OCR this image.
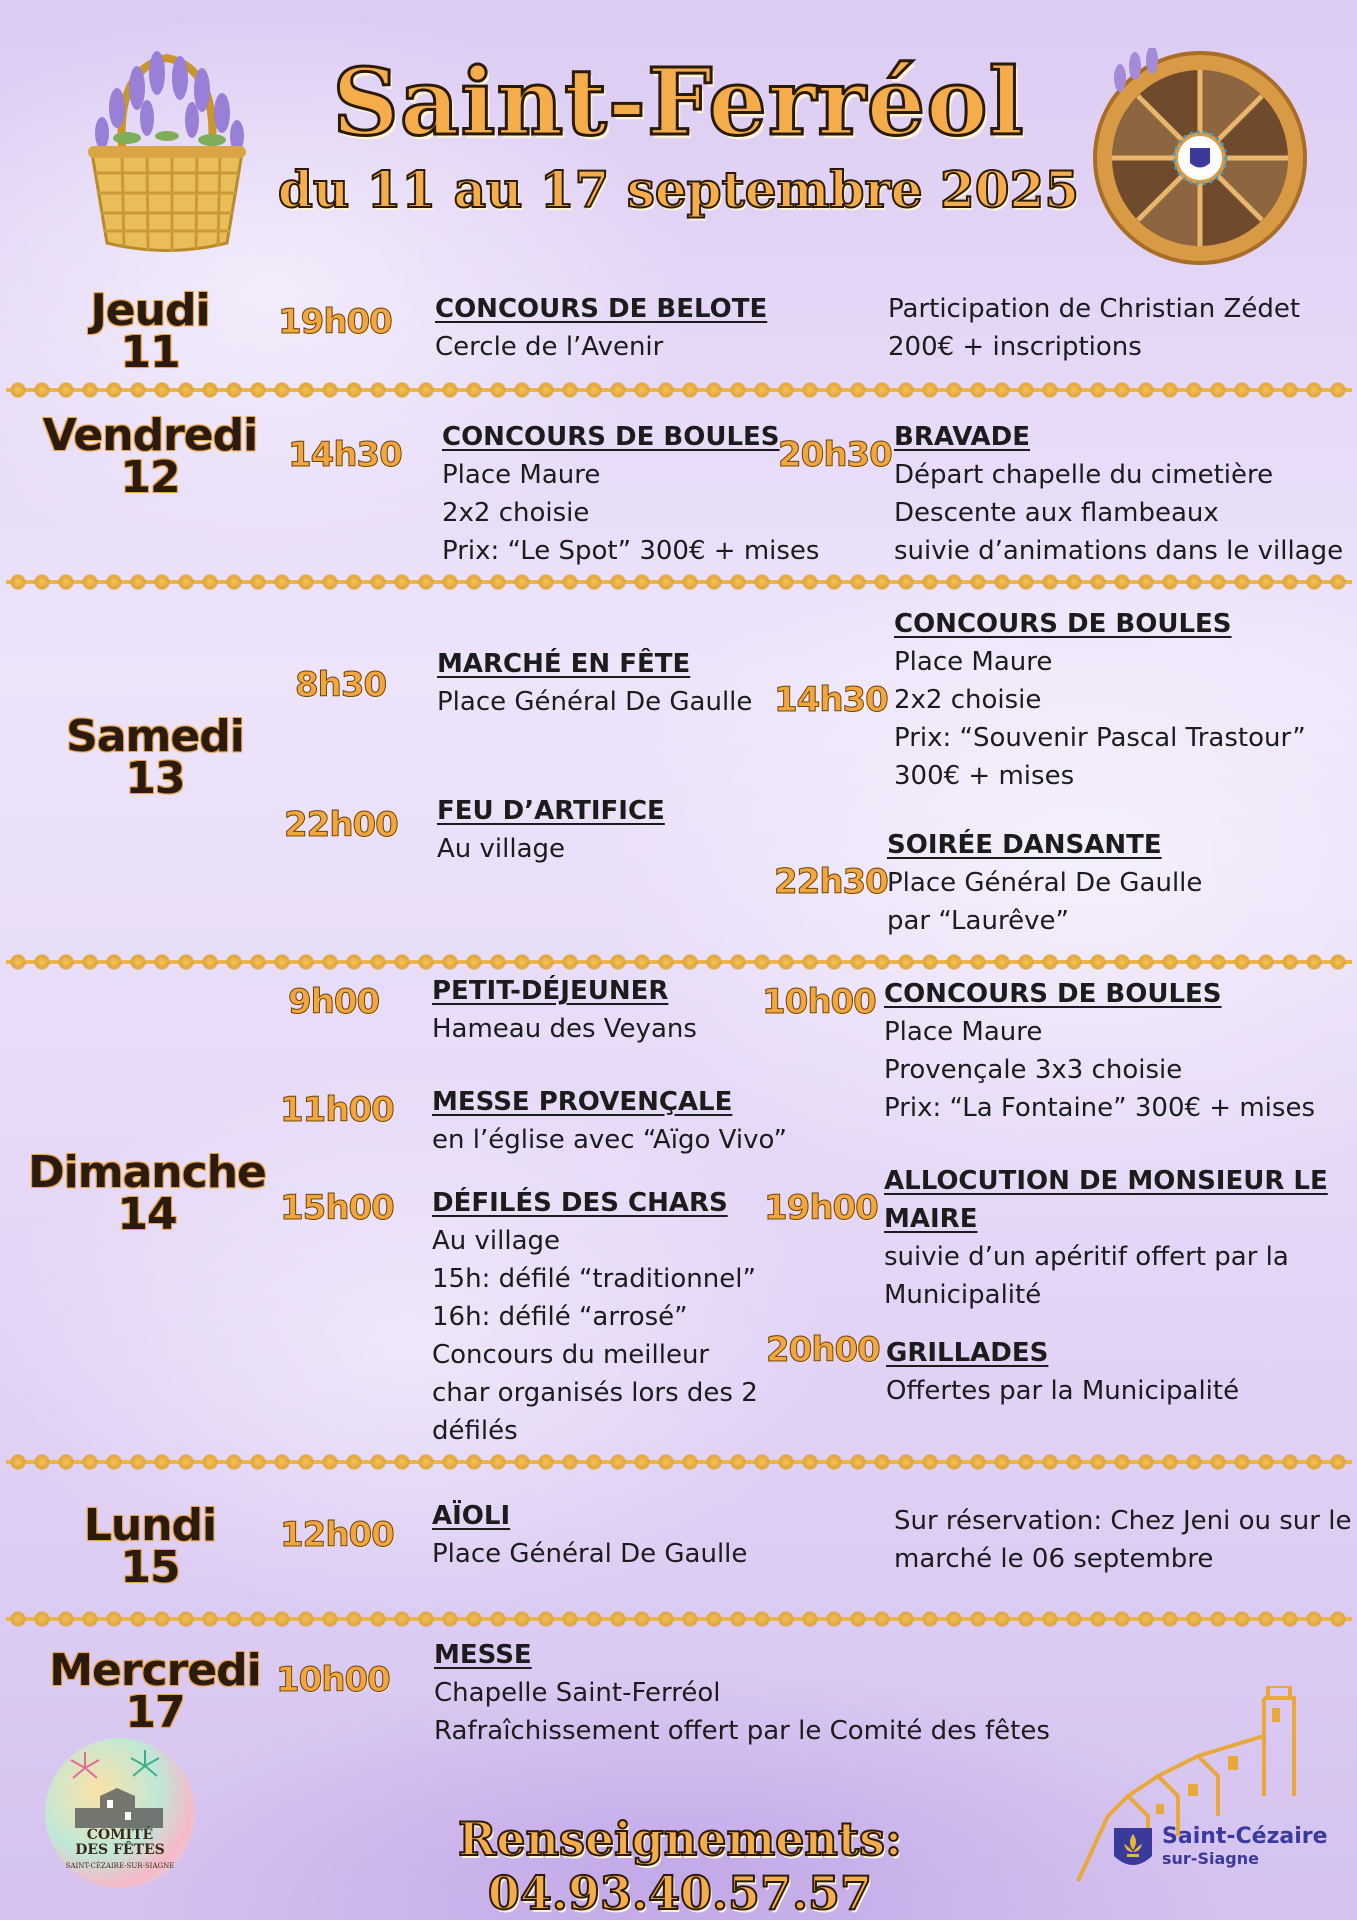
Saint-Ferréol
du 11 au 17 septembre 2025
Jeudi
11
19h00 CONCOURS DE BELOTE
Cercle de l’Avenir
Participation de Christian Zédet
200€ + inscriptions
Vendredi
12	14h30 CONCOURS DE BOULES
Place Maure
2x2 choisie
Prix: “Le Spot” 300€ + mises
20h30 BRAVADE
Départ chapelle du cimetière
Descente aux flambeaux
suivie d’animations dans le village
Samedi
13
8h30
MARCHÉ EN FÊTE
Place Général De Gaulle
22h00 FEU D’ARTIFICE
Au village
14h30
CONCOURS DE BOULES
Place Maure
2x2 choisie
Prix: “Souvenir Pascal Trastour”
300€ + mises
22h30
SOIRÉE DANSANTE
Place Général De Gaulle
par “Laurêve”
Dimanche
14
9h00 PETIT-DÉJEUNER
Hameau des Veyans
11h00 MESSE PROVENÇALE
en l’église avec “Aïgo Vivo”
15h00 DÉFILÉS DES CHARS
Au village
15h: défilé “traditionnel”
16h: défilé “arrosé”
Concours du meilleur
char organisés lors des 2
défilés
10h00 CONCOURS DE BOULES
Place Maure
Provençale 3x3 choisie
Prix: “La Fontaine” 300€ + mises
19h00
ALLOCUTION DE MONSIEUR LE
MAIRE
suivie d’un apéritif offert par la
Municipalité
20h00 GRILLADES
Offertes par la Municipalité
Lundi
15
12h00 AÏOLI
Place Général De Gaulle
Sur réservation: Chez Jeni ou sur le
marché le 06 septembre
Mercredi
17
10h00
MESSE
Chapelle Saint-Ferréol
Rafraîchissement offert par le Comité des fêtes
COMITÉ
DES FÊTES
SAINT-CÉZAIRE-SUR-SIAGNE	Renseignements: 04.93.40.57.57
Saint-Cézaire
sur-Siagne
